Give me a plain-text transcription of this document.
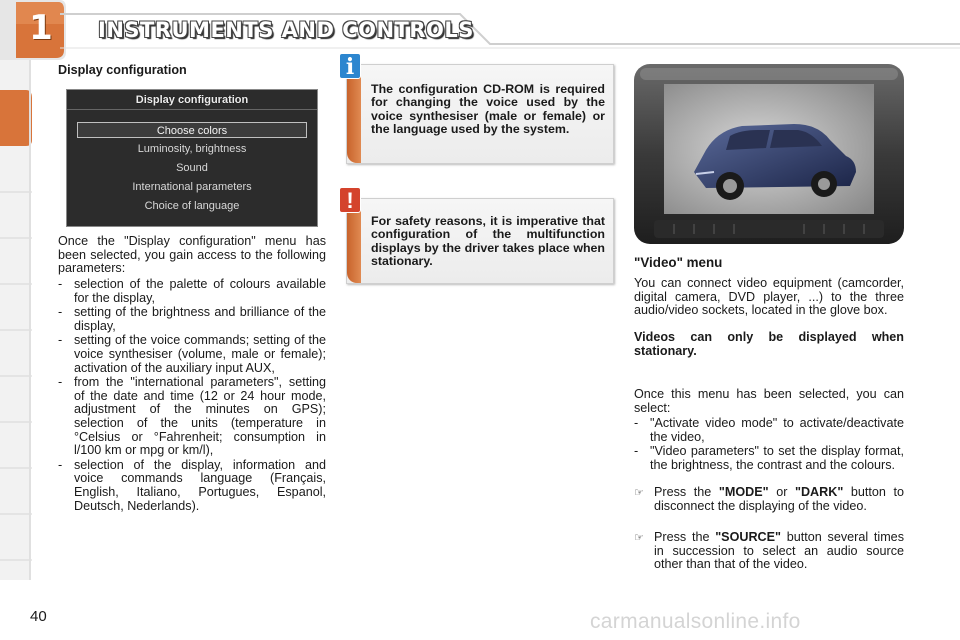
1	INSTRUMENTS AND CONTROLS
Display configuration
Display configuration
Choose colors
Luminosity, brightness
Sound
International parameters
Choice of language
Once the "Display configuration" menu has been selected, you gain access to the following parameters:
- selection of the palette of colours available for the display,
- setting of the brightness and brilliance of the display,
- setting of the voice commands; setting of the voice synthesiser (volume, male or female); activation of the auxiliary input AUX,
- from the "international parameters", setting of the date and time (12 or 24 hour mode, adjustment of the minutes on GPS); selection of the units (temperature in °Celsius or °Fahrenheit; consumption in l/100 km or mpg or km/l),
- selection of the display, information and voice commands language (Français, English, Italiano, Portugues, Espanol, Deutsch, Nederlands).
i
The configuration CD-ROM is required for changing the voice used by the voice synthesiser (male or female) or the language used by the system.
!
For safety reasons, it is imperative that configuration of the multifunction displays by the driver takes place when stationary.	"Video" menu
You can connect video equipment (camcorder, digital camera, DVD player, ...) to the three audio/video sockets, located in the glove box.
Videos can only be displayed when stationary.
Once this menu has been selected, you can select:
- "Activate video mode" to activate/deactivate the video,
- "Video parameters" to set the display format, the brightness, the contrast and the colours.
☞ Press the "MODE" or "DARK" button to disconnect the displaying of the video.
☞ Press the "SOURCE" button several times in succession to select an audio source other than that of the video.
40	carmanualsonline.info
